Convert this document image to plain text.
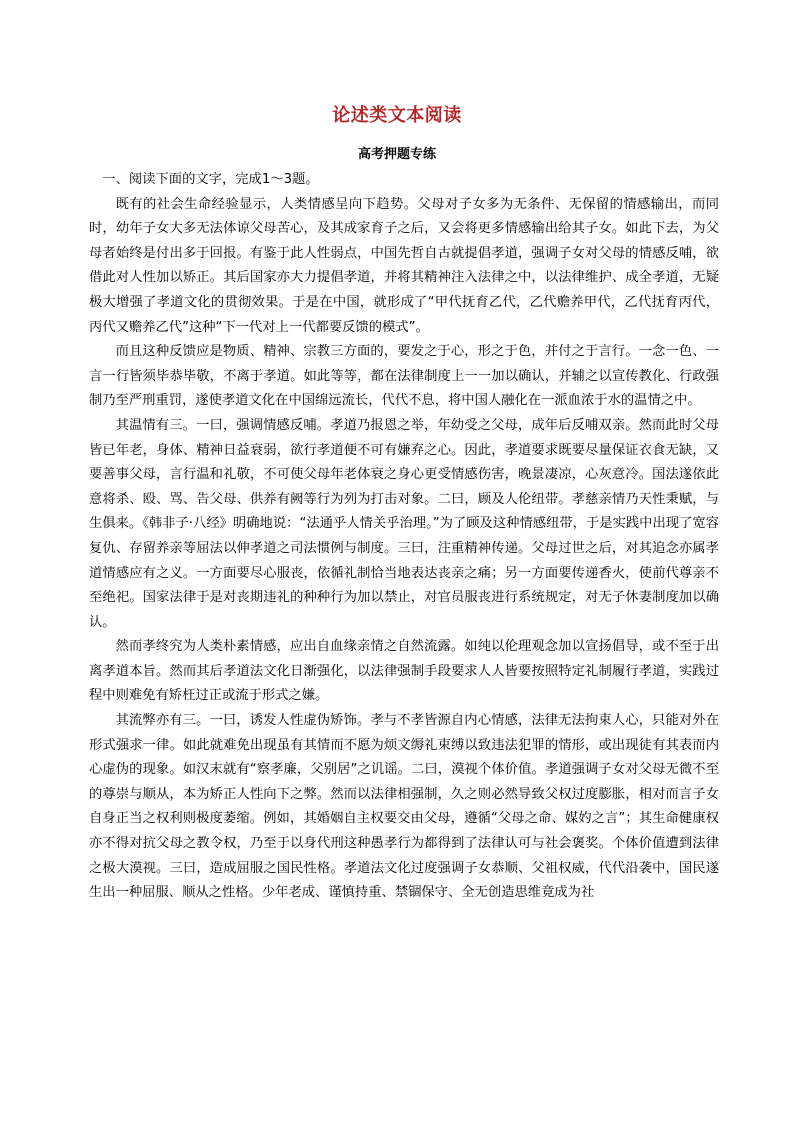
论述类文本阅读
高考押题专练

一、阅读下面的文字，完成1～3题。

既有的社会生命经验显示，人类情感呈向下趋势。父母对子女多为无条件、无保留的情感输出，而同时，幼年子女大多无法体谅父母苦心，及其成家育子之后，又会将更多情感输出给其子女。如此下去，为父母者始终是付出多于回报。有鉴于此人性弱点，中国先哲自古就提倡孝道，强调子女对父母的情感反哺，欲借此对人性加以矫正。其后国家亦大力提倡孝道，并将其精神注入法律之中，以法律维护、成全孝道，无疑极大增强了孝道文化的贯彻效果。于是在中国，就形成了“甲代抚育乙代，乙代赡养甲代，乙代抚育丙代，丙代又赡养乙代”这种“下一代对上一代都要反馈的模式”。

而且这种反馈应是物质、精神、宗教三方面的，要发之于心，形之于色，并付之于言行。一念一色、一言一行皆须毕恭毕敬，不离于孝道。如此等等，都在法律制度上一一加以确认，并辅之以宣传教化、行政强制乃至严刑重罚，遂使孝道文化在中国绵远流长，代代不息，将中国人融化在一派血浓于水的温情之中。

其温情有三。一曰，强调情感反哺。孝道乃报恩之举，年幼受之父母，成年后反哺双亲。然而此时父母皆已年老，身体、精神日益衰弱，欲行孝道便不可有嫌弃之心。因此，孝道要求既要尽量保证衣食无缺，又要善事父母，言行温和礼敬，不可使父母年老体衰之身心更受情感伤害，晚景凄凉，心灰意冷。国法遂依此意将杀、殴、骂、告父母、供养有阙等行为列为打击对象。二曰，顾及人伦纽带。孝慈亲情乃天性秉赋，与生俱来。《韩非子·八经》明确地说：“法通乎人情关乎治理。”为了顾及这种情感纽带，于是实践中出现了宽容复仇、存留养亲等屈法以伸孝道之司法惯例与制度。三曰，注重精神传递。父母过世之后，对其追念亦属孝道情感应有之义。一方面要尽心服丧，依循礼制恰当地表达丧亲之痛；另一方面要传递香火，使前代尊亲不至绝祀。国家法律于是对丧期违礼的种种行为加以禁止，对官员服丧进行系统规定，对无子休妻制度加以确认。

然而孝终究为人类朴素情感，应出自血缘亲情之自然流露。如纯以伦理观念加以宣扬倡导，或不至于出离孝道本旨。然而其后孝道法文化日渐强化，以法律强制手段要求人人皆要按照特定礼制履行孝道，实践过程中则难免有矫枉过正或流于形式之嫌。

其流弊亦有三。一曰，诱发人性虚伪矫饰。孝与不孝皆源自内心情感，法律无法拘束人心，只能对外在形式强求一律。如此就难免出现虽有其情而不愿为烦文缛礼束缚以致违法犯罪的情形，或出现徒有其表而内心虚伪的现象。如汉末就有“察孝廉，父别居”之讥谣。二曰，漠视个体价值。孝道强调子女对父母无微不至的尊崇与顺从，本为矫正人性向下之弊。然而以法律相强制，久之则必然导致父权过度膨胀，相对而言子女自身正当之权利则极度萎缩。例如，其婚姻自主权要交由父母，遵循“父母之命、媒妁之言”；其生命健康权亦不得对抗父母之教令权，乃至于以身代刑这种愚孝行为都得到了法律认可与社会褒奖。个体价值遭到法律之极大漠视。三曰，造成屈服之国民性格。孝道法文化过度强调子女恭顺、父祖权威，代代沿袭中，国民遂生出一种屈服、顺从之性格。少年老成、谨慎持重、禁锢保守、全无创造思维竟成为社
